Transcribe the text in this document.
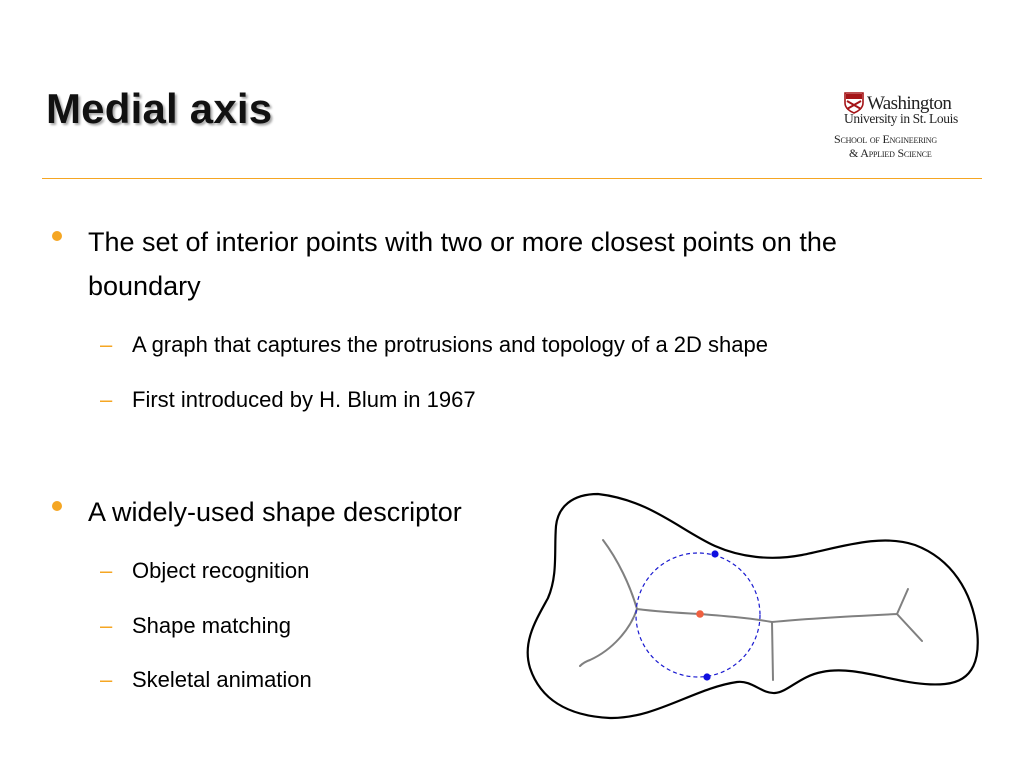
Medial axis	Washington
University in St. Louis
School of Engineering
& Applied Science
The set of interior points with two or more closest points on the boundary
– A graph that captures the protrusions and topology of a 2D shape
– First introduced by H. Blum in 1967
A widely-used shape descriptor
– Object recognition
– Shape matching
– Skeletal animation
